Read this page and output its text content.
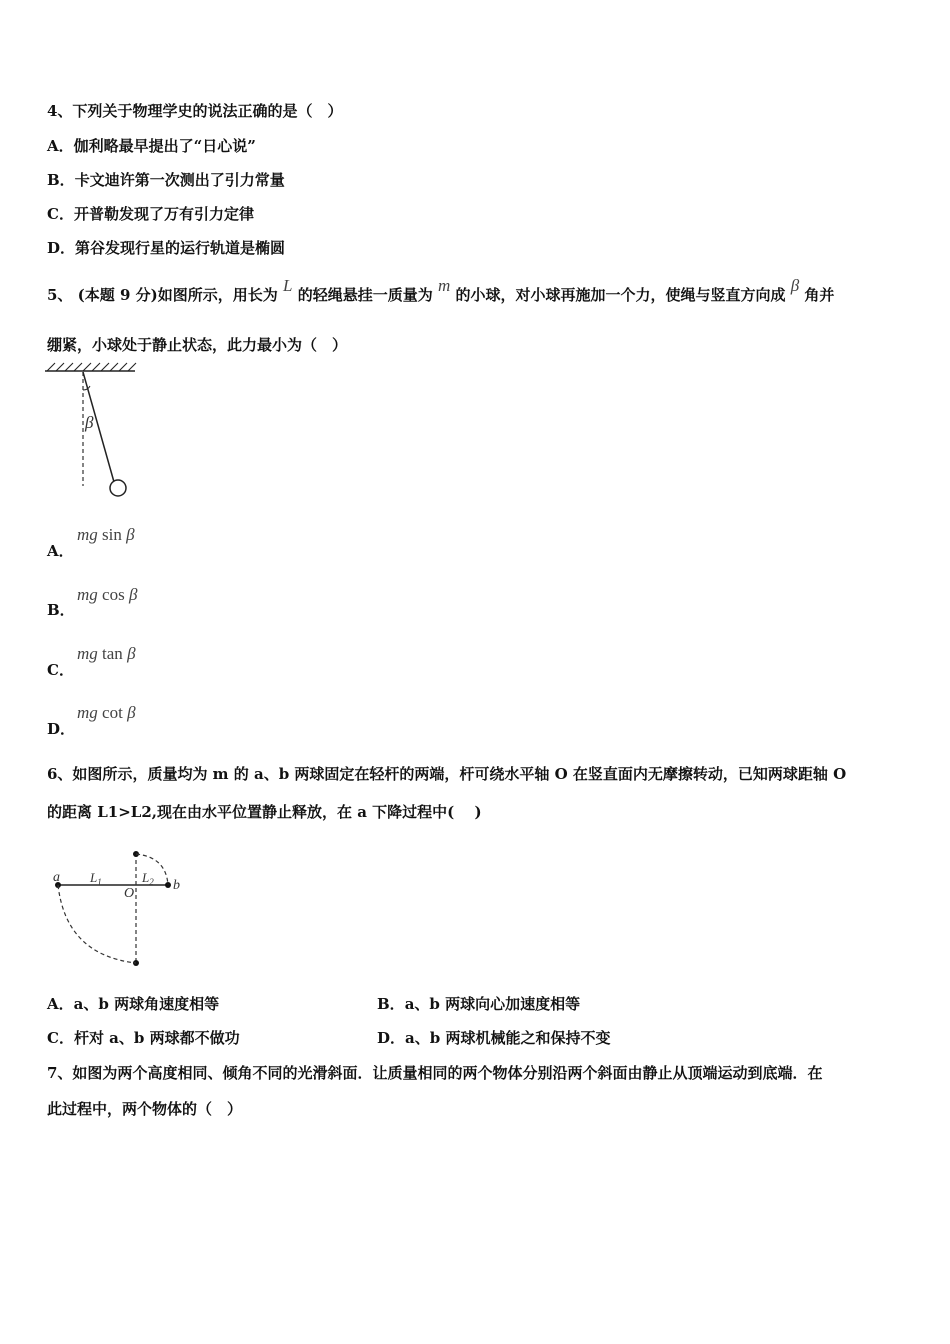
4、下列关于物理学史的说法正确的是（　）
A．伽利略最早提出了“日心说”
B．卡文迪许第一次测出了引力常量
C．开普勒发现了万有引力定律
D．第谷发现行星的运行轨道是椭圆
5、 (本题 9 分)如图所示，用长为 L 的轻绳悬挂一质量为 m 的小球，对小球再施加一个力，使绳与竖直方向成 β 角并
绷紧，小球处于静止状态，此力最小为（　）
β
A．
mg sin β
B．
mg cos β
C．
mg tan β
D．
mg cot β
6、如图所示，质量均为 m 的 a、b 两球固定在轻杆的两端，杆可绕水平轴 O 在竖直面内无摩擦转动，已知两球距轴 O
的距离 L1>L2,现在由水平位置静止释放，在 a 下降过程中(　 )
a
b
O
$L_1$	$L_2$
A．a、b 两球角速度相等	B．a、b 两球向心加速度相等
C．杆对 a、b 两球都不做功	D．a、b 两球机械能之和保持不变
7、如图为两个高度相同、倾角不同的光滑斜面．让质量相同的两个物体分别沿两个斜面由静止从顶端运动到底端．在
此过程中，两个物体的（　）
